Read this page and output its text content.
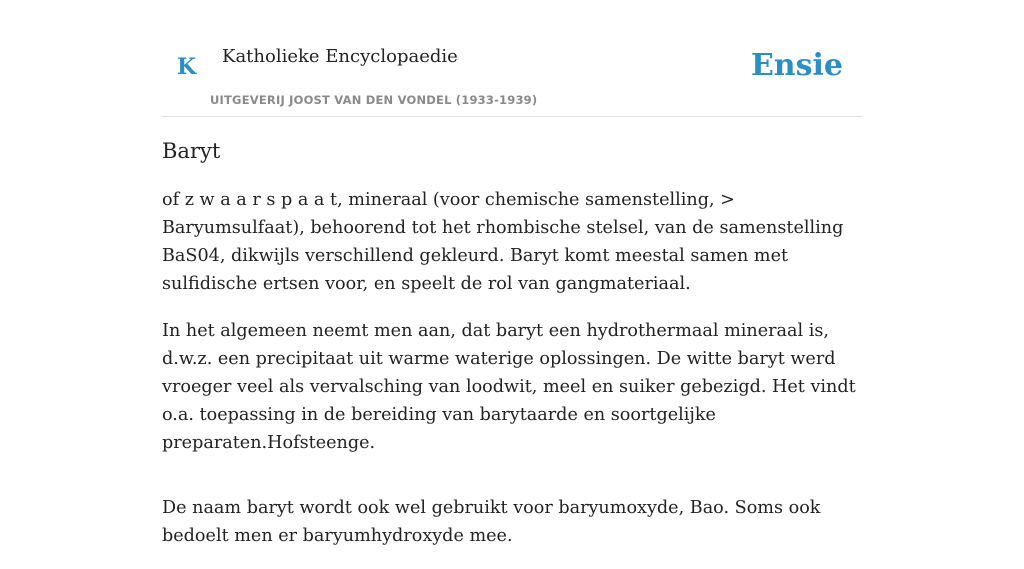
K Katholieke Encyclopaedie
UITGEVERIJ JOOST VAN DEN VONDEL (1933-1939)
Ensie
Baryt

of z w a a r s p a a t, mineraal (voor chemische samenstelling, > Baryumsulfaat), behoorend tot het rhombische stelsel, van de samenstelling BaS04, dikwijls verschillend gekleurd. Baryt komt meestal samen met sulfidische ertsen voor, en speelt de rol van gangmateriaal.

In het algemeen neemt men aan, dat baryt een hydrothermaal mineraal is, d.w.z. een precipitaat uit warme waterige oplossingen. De witte baryt werd vroeger veel als vervalsching van loodwit, meel en suiker gebezigd. Het vindt o.a. toepassing in de bereiding van barytaarde en soortgelijke preparaten.Hofsteenge.

De naam baryt wordt ook wel gebruikt voor baryumoxyde, Bao. Soms ook bedoelt men er baryumhydroxyde mee.
